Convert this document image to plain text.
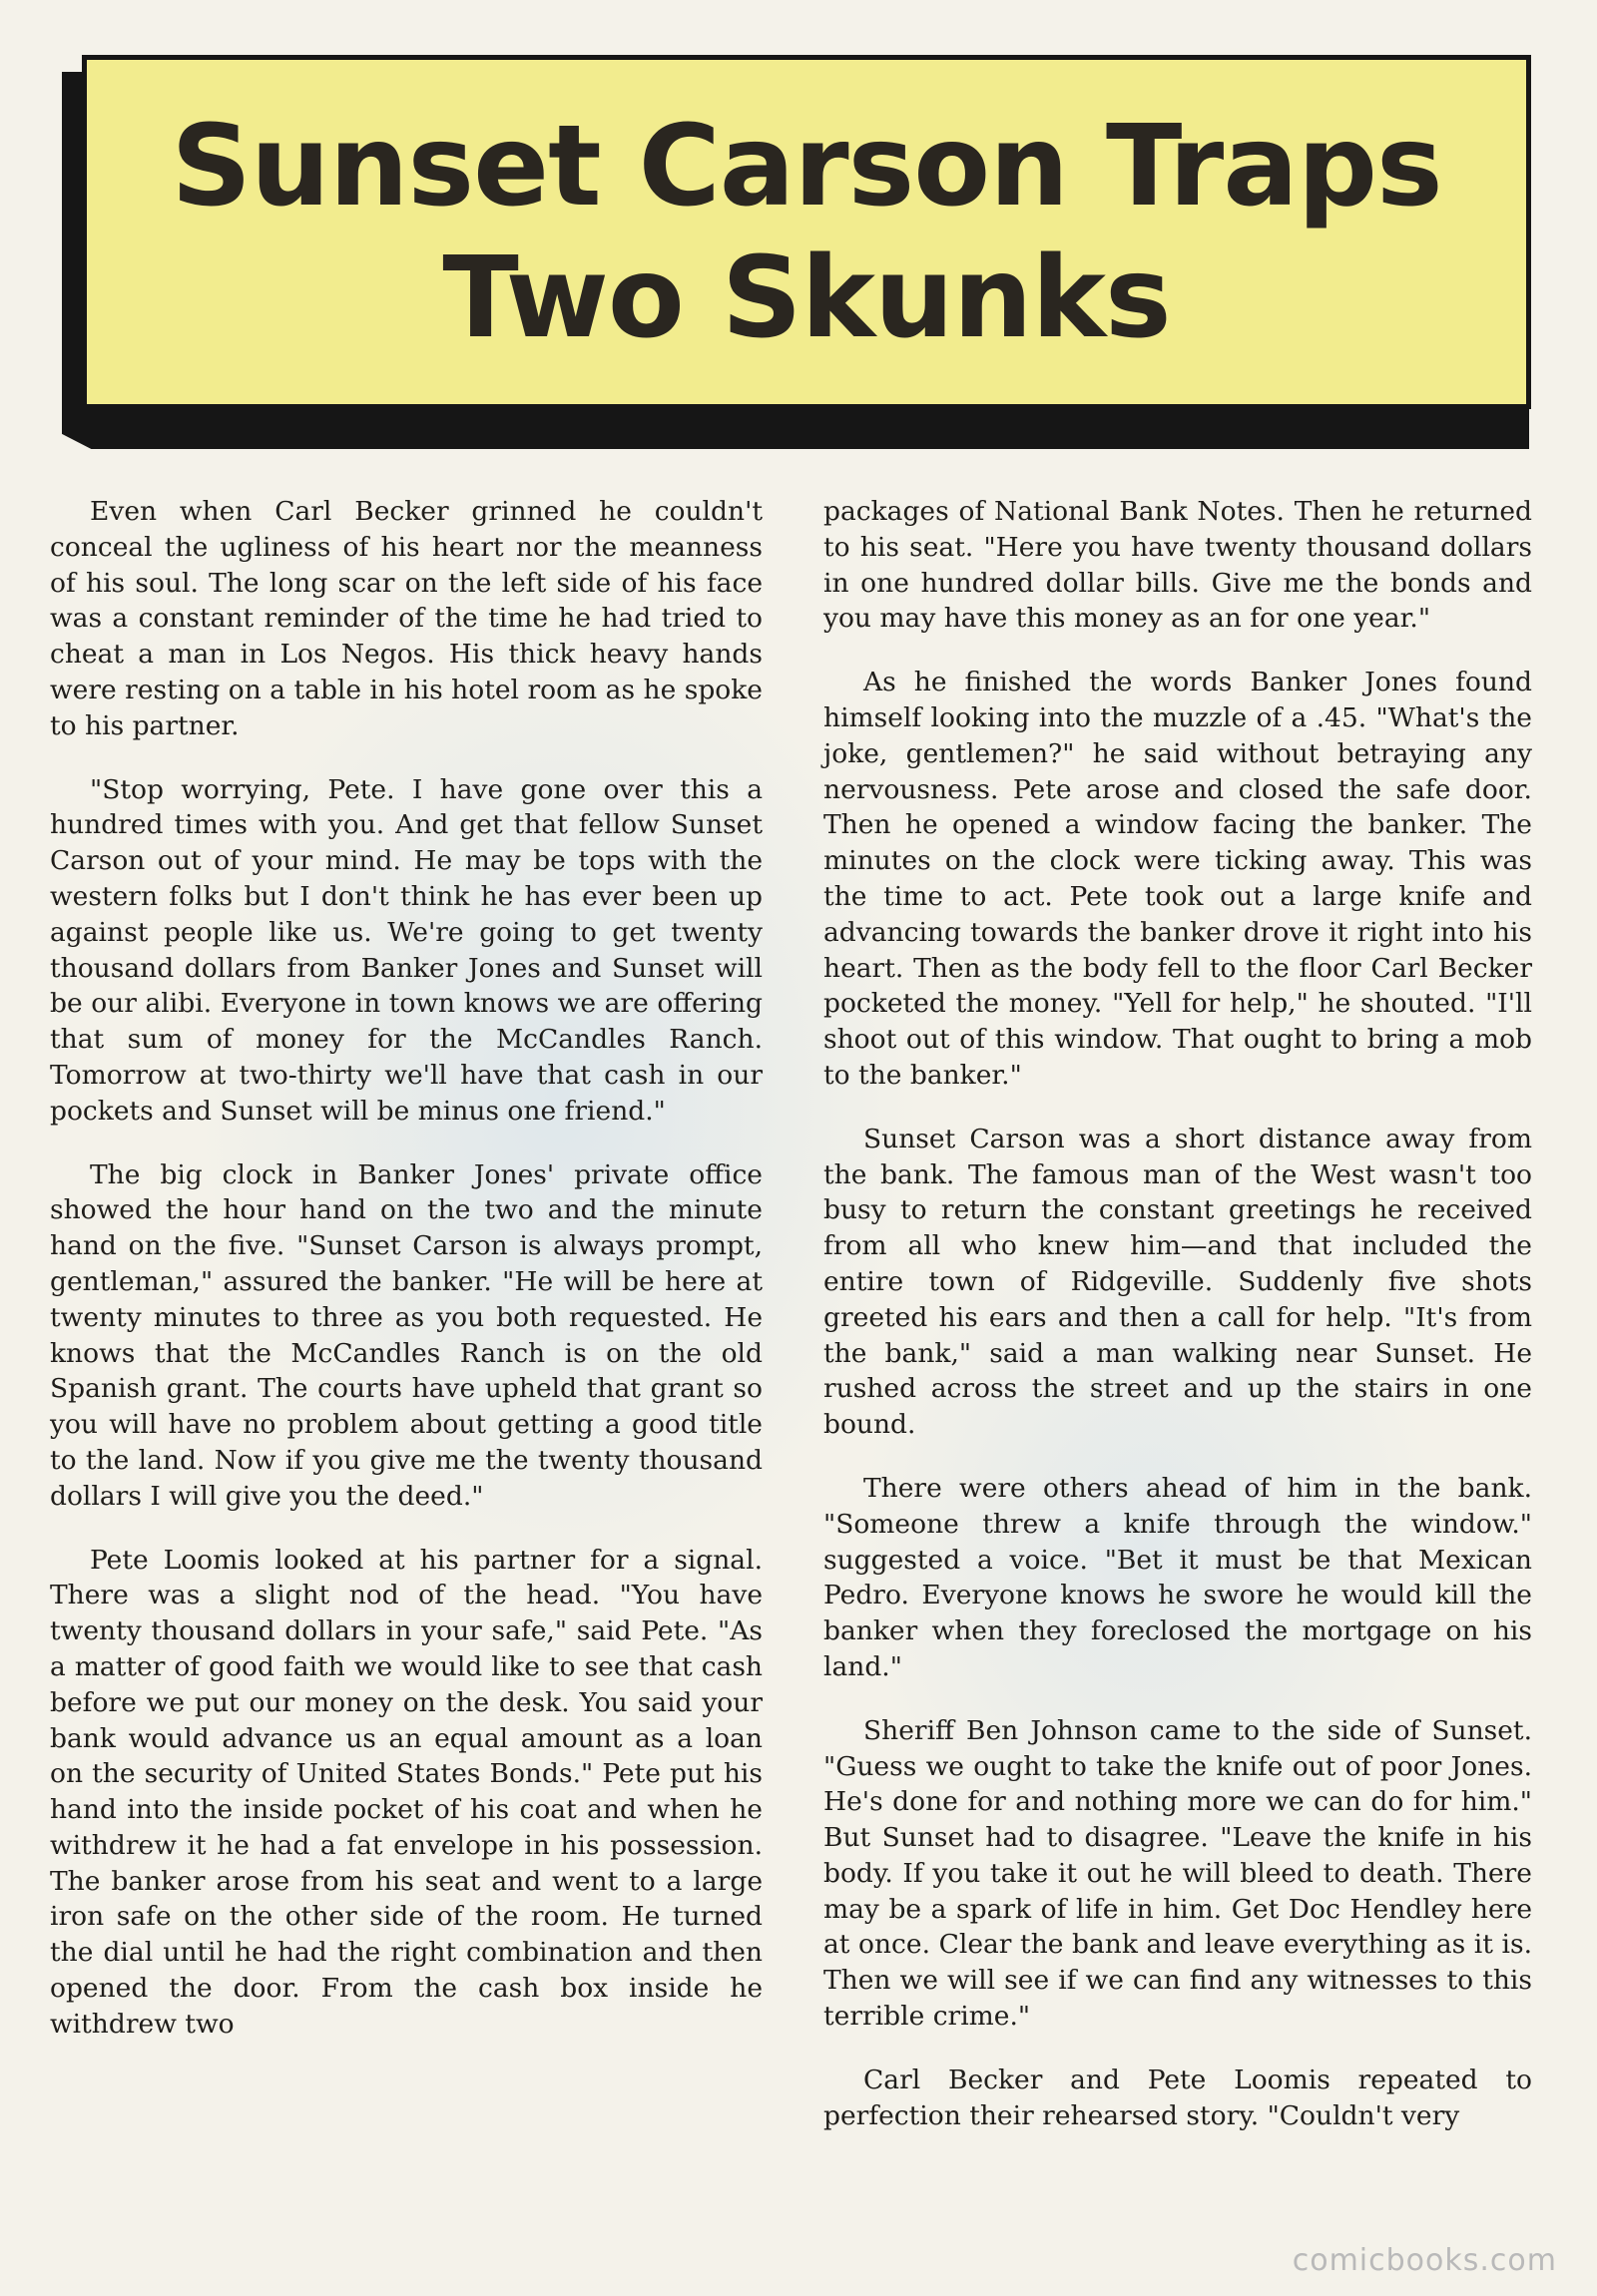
Sunset Carson Traps
Two Skunks

Even when Carl Becker grinned he couldn't conceal the ugliness of his heart nor the meanness of his soul. The long scar on the left side of his face was a constant reminder of the time he had tried to cheat a man in Los Negos. His thick heavy hands were resting on a table in his hotel room as he spoke to his partner.

"Stop worrying, Pete. I have gone over this a hundred times with you. And get that fellow Sunset Carson out of your mind. He may be tops with the western folks but I don't think he has ever been up against people like us. We're going to get twenty thousand dollars from Banker Jones and Sunset will be our alibi. Everyone in town knows we are offering that sum of money for the McCandles Ranch. Tomorrow at two-thirty we'll have that cash in our pockets and Sunset will be minus one friend."

The big clock in Banker Jones' private office showed the hour hand on the two and the minute hand on the five. "Sunset Carson is always prompt, gentleman," assured the banker. "He will be here at twenty minutes to three as you both requested. He knows that the McCandles Ranch is on the old Spanish grant. The courts have upheld that grant so you will have no problem about getting a good title to the land. Now if you give me the twenty thousand dollars I will give you the deed."

Pete Loomis looked at his partner for a signal. There was a slight nod of the head. "You have twenty thousand dollars in your safe," said Pete. "As a matter of good faith we would like to see that cash before we put our money on the desk. You said your bank would advance us an equal amount as a loan on the security of United States Bonds." Pete put his hand into the inside pocket of his coat and when he withdrew it he had a fat envelope in his possession. The banker arose from his seat and went to a large iron safe on the other side of the room. He turned the dial until he had the right combination and then opened the door. From the cash box inside he withdrew two

packages of National Bank Notes. Then he returned to his seat. "Here you have twenty thousand dollars in one hundred dollar bills. Give me the bonds and you may have this money as an for one year."

As he finished the words Banker Jones found himself looking into the muzzle of a .45. "What's the joke, gentlemen?" he said without betraying any nervousness. Pete arose and closed the safe door. Then he opened a window facing the banker. The minutes on the clock were ticking away. This was the time to act. Pete took out a large knife and advancing towards the banker drove it right into his heart. Then as the body fell to the floor Carl Becker pocketed the money. "Yell for help," he shouted. "I'll shoot out of this window. That ought to bring a mob to the banker."

Sunset Carson was a short distance away from the bank. The famous man of the West wasn't too busy to return the constant greetings he received from all who knew him—and that included the entire town of Ridgeville. Suddenly five shots greeted his ears and then a call for help. "It's from the bank," said a man walking near Sunset. He rushed across the street and up the stairs in one bound.

There were others ahead of him in the bank. "Someone threw a knife through the window." suggested a voice. "Bet it must be that Mexican Pedro. Everyone knows he swore he would kill the banker when they foreclosed the mortgage on his land."

Sheriff Ben Johnson came to the side of Sunset. "Guess we ought to take the knife out of poor Jones. He's done for and nothing more we can do for him." But Sunset had to disagree. "Leave the knife in his body. If you take it out he will bleed to death. There may be a spark of life in him. Get Doc Hendley here at once. Clear the bank and leave everything as it is. Then we will see if we can find any witnesses to this terrible crime."

Carl Becker and Pete Loomis repeated to perfection their rehearsed story. "Couldn't very

comicbooks.com
